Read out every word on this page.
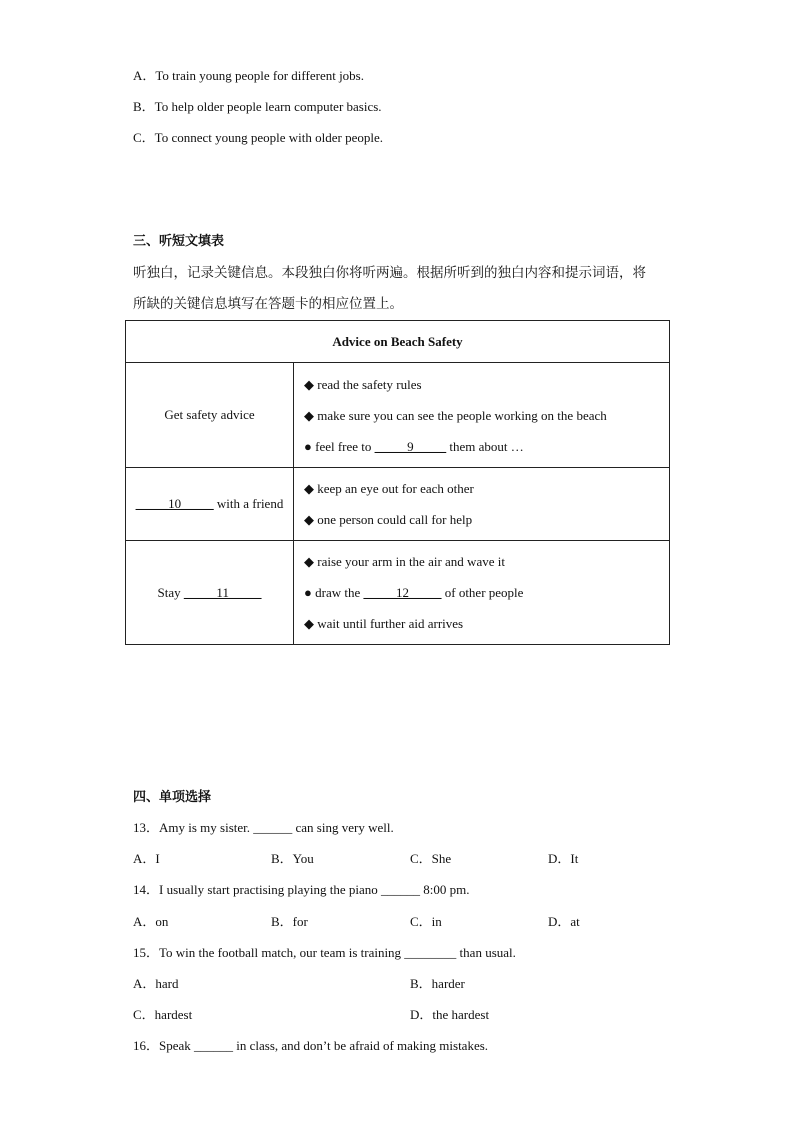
A．To train young people for different jobs.
B．To help older people learn computer basics.
C．To connect young people with older people.
三、听短文填表
听独白，记录关键信息。本段独白你将听两遍。根据所听到的独白内容和提示词语，将
所缺的关键信息填写在答题卡的相应位置上。
Advice on Beach Safety	
Get safety advice	◆ read the safety rules
◆ make sure you can see the people working on the beach
● feel free to _____9_____ them about …

_____10_____ with a friend	◆ keep an eye out for each other
◆ one person could call for help

Stay _____11_____	◆ raise your arm in the air and wave it
● draw the _____12_____ of other people
◆ wait until further aid arrives
四、单项选择
13．Amy is my sister. ______ can sing very well.
A．I	B．You	C．She	D．It
14．I usually start practising playing the piano ______ 8:00 pm.
A．on	B．for	C．in	D．at
15．To win the football match, our team is training ________ than usual.
A．hard	B．harder
C．hardest	D．the hardest
16．Speak ______ in class, and don’t be afraid of making mistakes.
